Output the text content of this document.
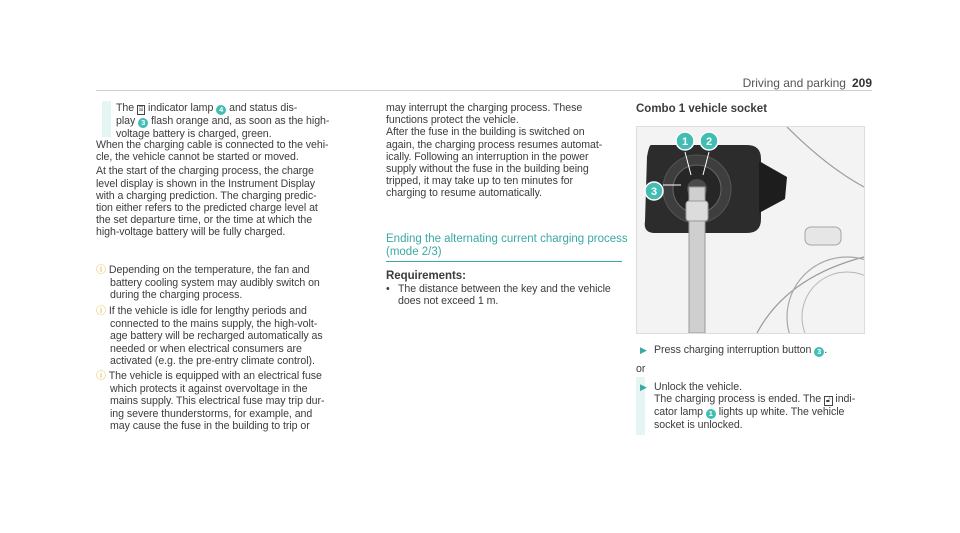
Driving and parking 209
The ⌸ indicator lamp 4 and status dis-
play 3 flash orange and, as soon as the high-
voltage battery is charged, green.
When the charging cable is connected to the vehi-
cle, the vehicle cannot be started or moved.
At the start of the charging process, the charge
level display is shown in the Instrument Display
with a charging prediction. The charging predic-
tion either refers to the predicted charge level at
the set departure time, or the time at which the
high-voltage battery will be fully charged.
ⓘ Depending on the temperature, the fan and
battery cooling system may audibly switch on
during the charging process.
ⓘ If the vehicle is idle for lengthy periods and
connected to the mains supply, the high-volt-
age battery will be recharged automatically as
needed or when electrical consumers are
activated (e.g. the pre-entry climate control).
ⓘ The vehicle is equipped with an electrical fuse
which protects it against overvoltage in the
mains supply. This electrical fuse may trip dur-
ing severe thunderstorms, for example, and
may cause the fuse in the building to trip or
may interrupt the charging process. These
functions protect the vehicle.
After the fuse in the building is switched on
again, the charging process resumes automat-
ically. Following an interruption in the power
supply without the fuse in the building being
tripped, it may take up to ten minutes for
charging to resume automatically.
Ending the alternating current charging process
(mode 2/3)
Requirements:
• The distance between the key and the vehicle
does not exceed 1 m.
Combo 1 vehicle socket
1 2
3
▶ Press charging interruption button 3 .
or
▶ Unlock the vehicle.
The charging process is ended. The 🔓︎ indi-
cator lamp 1 lights up white. The vehicle
socket is unlocked.
